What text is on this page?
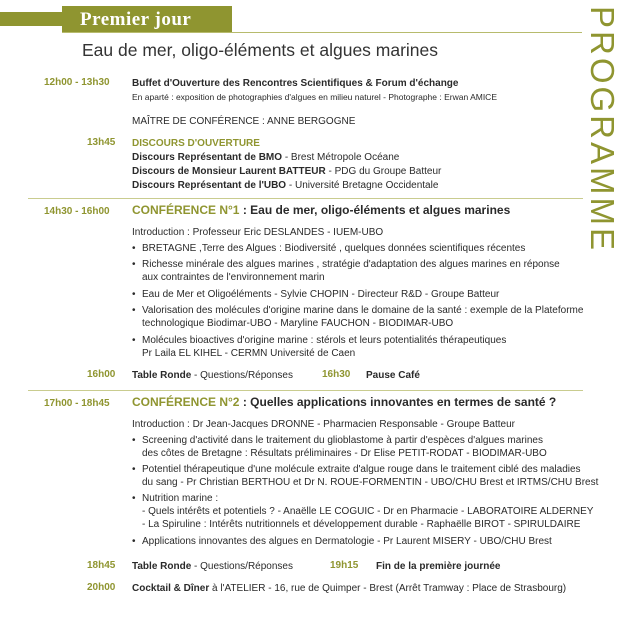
Premier jour
Eau de mer, oligo-éléments et algues marines	PROGRAMME
12h00 - 13h30 Buffet d'Ouverture des Rencontres Scientifiques & Forum d'échange
En aparté : exposition de photographies d'algues en milieu naturel - Photographe : Erwan AMICE
MAÎTRE DE CONFÉRENCE : ANNE BERGOGNE
13h45 DISCOURS D'OUVERTURE
Discours Représentant de BMO - Brest Métropole Océane
Discours de Monsieur Laurent BATTEUR - PDG du Groupe Batteur
Discours Représentant de l'UBO - Université Bretagne Occidentale
14h30 - 16h00 CONFÉRENCE N°1 : Eau de mer, oligo-éléments et algues marines
Introduction : Professeur Eric DESLANDES - IUEM-UBO
• BRETAGNE ,Terre des Algues : Biodiversité , quelques données scientifiques récentes
• Richesse minérale des algues marines , stratégie d'adaptation des algues marines en réponse
aux contraintes de l'environnement marin
• Eau de Mer et Oligoéléments - Sylvie CHOPIN - Directeur R&D - Groupe Batteur
• Valorisation des molécules d'origine marine dans le domaine de la santé : exemple de la Plateforme
technologique Biodimar-UBO - Maryline FAUCHON - BIODIMAR-UBO
• Molécules bioactives d'origine marine : stérols et leurs potentialités thérapeutiques
Pr Laila EL KIHEL - CERMN Université de Caen
16h00 Table Ronde - Questions/Réponses	16h30 Pause Café
17h00 - 18h45 CONFÉRENCE N°2 : Quelles applications innovantes en termes de santé ?
Introduction : Dr Jean-Jacques DRONNE - Pharmacien Responsable - Groupe Batteur
• Screening d'activité dans le traitement du glioblastome à partir d'espèces d'algues marines
des côtes de Bretagne : Résultats préliminaires - Dr Elise PETIT-RODAT - BIODIMAR-UBO
• Potentiel thérapeutique d'une molécule extraite d'algue rouge dans le traitement ciblé des maladies
du sang - Pr Christian BERTHOU et Dr N. ROUE-FORMENTIN - UBO/CHU Brest et IRTMS/CHU Brest
• Nutrition marine :
- Quels intérêts et potentiels ? - Anaëlle LE COGUIC - Dr en Pharmacie - LABORATOIRE ALDERNEY
- La Spiruline : Intérêts nutritionnels et développement durable - Raphaëlle BIROT - SPIRULDAIRE
• Applications innovantes des algues en Dermatologie - Pr Laurent MISERY - UBO/CHU Brest
18h45 Table Ronde - Questions/Réponses	19h15 Fin de la première journée
20h00 Cocktail & Dîner à l'ATELIER - 16, rue de Quimper - Brest (Arrêt Tramway : Place de Strasbourg)
